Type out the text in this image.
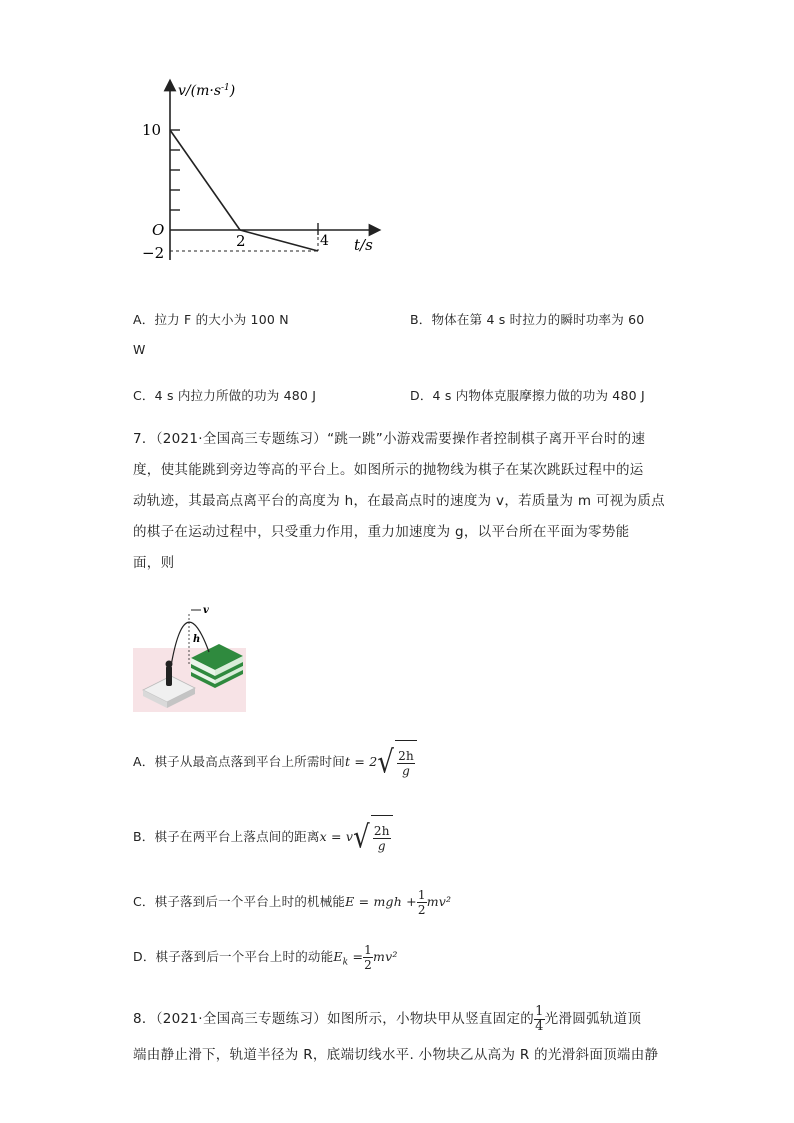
$v/(m\cdot s^{-1})$
10
O
−2
2	4 t/s
A．拉力 F 的大小为 100 N	B．物体在第 4 s 时拉力的瞬时功率为 60
W
C．4 s 内拉力所做的功为 480 J	D．4 s 内物体克服摩擦力做的功为 480 J
7．（2021·全国高三专题练习）“跳一跳”小游戏需要操作者控制棋子离开平台时的速
度，使其能跳到旁边等高的平台上。如图所示的抛物线为棋子在某次跳跃过程中的运
动轨迹，其最高点离平台的高度为 h，在最高点时的速度为 v，若质量为 m 可视为质点
的棋子在运动过程中，只受重力作用，重力加速度为 g，以平台所在平面为零势能
面，则
v
h
A．棋子从最高点落到平台上所需时间$t = 2√ \frac{2h}{g}$
B．棋子在两平台上落点间的距离$x = v√ \frac{2h}{g}$
C．棋子落到后一个平台上时的机械能E = mgh + $\frac{1}{2} mv^2$
D．棋子落到后一个平台上时的动能$E_k = \frac{1}{2} mv^2$
8．（2021·全国高三专题练习）如图所示，小物块甲从竖直固定的 $\frac{1}{4}$ 光滑圆弧轨道顶
端由静止滑下，轨道半径为 R，底端切线水平. 小物块乙从高为 R 的光滑斜面顶端由静
